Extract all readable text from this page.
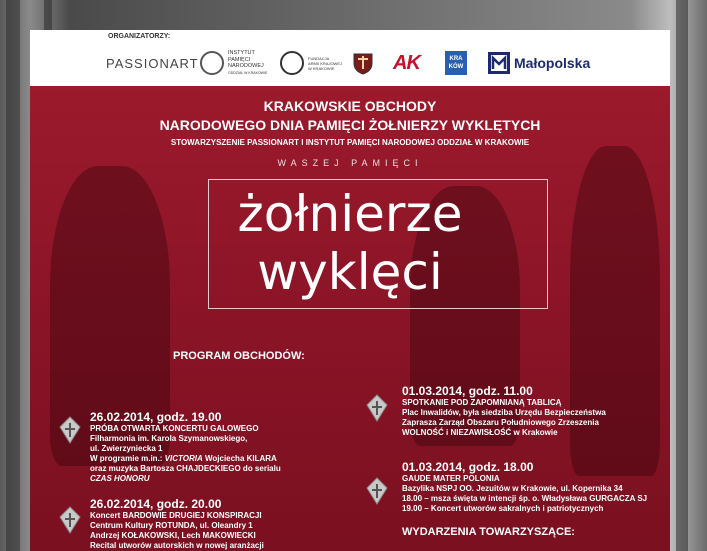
ORGANIZATORZY:
PASSIONART
INSTYTUT
PAMIĘCI
NARODOWEJ
ODDZIAŁ W KRAKOWIE
FUNDACJA
ARMII KRAJOWEJ
W KRAKOWIE	AK	KRA
KÓW	Małopolska
KRAKOWSKIE OBCHODY
NARODOWEGO DNIA PAMIĘCI ŻOŁNIERZY WYKLĘTYCH
STOWARZYSZENIE PASSIONART I INSTYTUT PAMIĘCI NARODOWEJ ODDZIAŁ W KRAKOWIE
WASZEJ PAMIĘCI
żołnierze
wyklęci
PROGRAM OBCHODÓW:
26.02.2014, godz. 19.00
PRÓBA OTWARTA KONCERTU GALOWEGO
Filharmonia im. Karola Szymanowskiego,
ul. Zwierzyniecka 1
W programie m.in.: VICTORIA Wojciecha KILARA
oraz muzyka Bartosza CHAJDECKIEGO do serialu
CZAS HONORU
26.02.2014, godz. 20.00
Koncert BARDOWIE DRUGIEJ KONSPIRACJI
Centrum Kultury ROTUNDA, ul. Oleandry 1
Andrzej KOŁAKOWSKI, Lech MAKOWIECKI
Recital utworów autorskich w nowej aranżacji
01.03.2014, godz. 11.00
SPOTKANIE POD ZAPOMNIANĄ TABLICĄ
Plac Inwalidów, była siedziba Urzędu Bezpieczeństwa
Zaprasza Zarząd Obszaru Południowego Zrzeszenia
WOLNOŚĆ i NIEZAWISŁOŚĆ w Krakowie
01.03.2014, godz. 18.00
GAUDE MATER POLONIA
Bazylika NSPJ OO. Jezuitów w Krakowie, ul. Kopernika 34
18.00 – msza święta w intencji śp. o. Władysława GURGACZA SJ
19.00 – Koncert utworów sakralnych i patriotycznych
WYDARZENIA TOWARZYSZĄCE:
